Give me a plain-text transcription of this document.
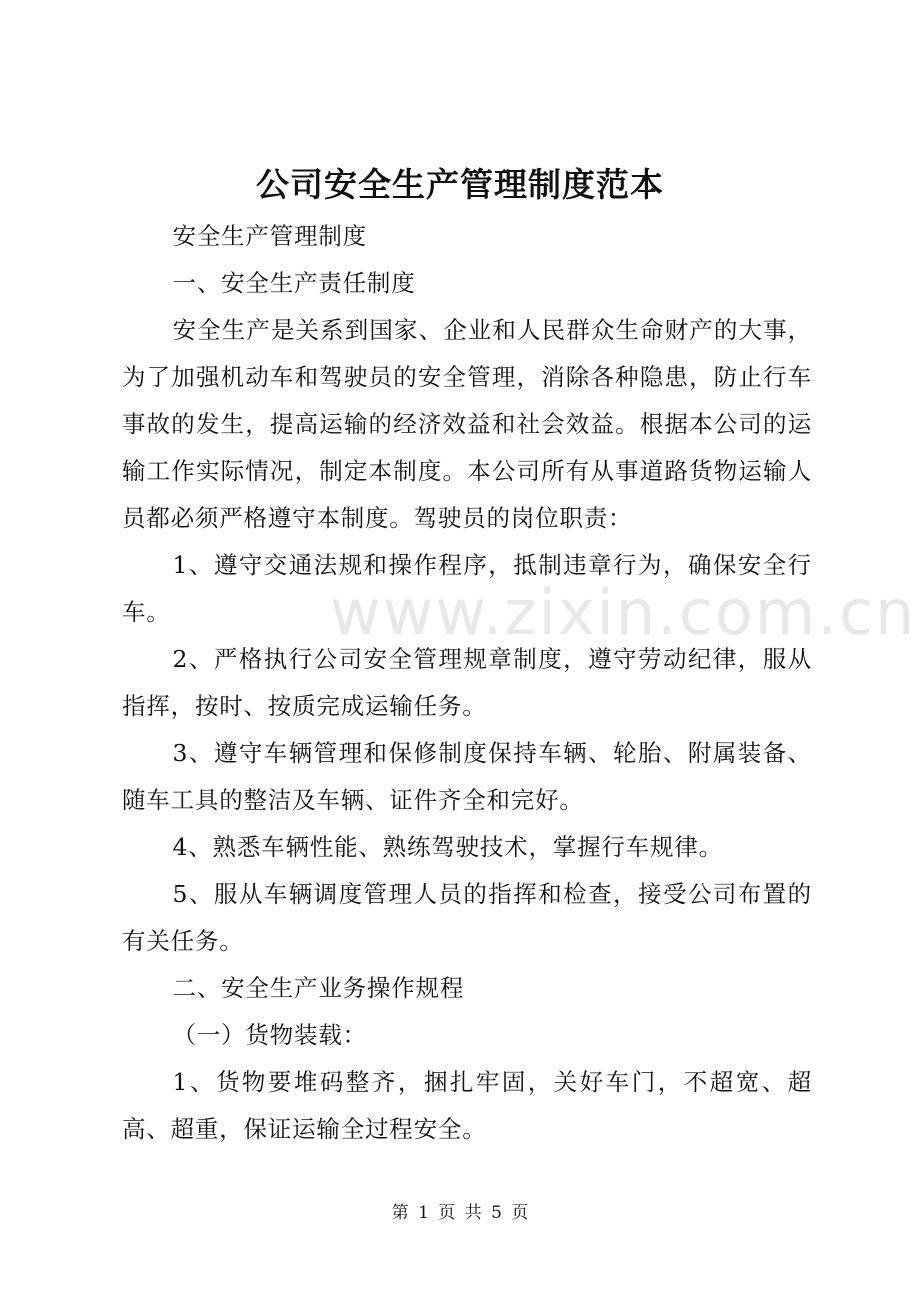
www.zixin.com.cn
公司安全生产管理制度范本

安全生产管理制度

一、安全生产责任制度

安全生产是关系到国家、企业和人民群众生命财产的大事，为了加强机动车和驾驶员的安全管理，消除各种隐患，防止行车事故的发生，提高运输的经济效益和社会效益。根据本公司的运输工作实际情况，制定本制度。本公司所有从事道路货物运输人员都必须严格遵守本制度。驾驶员的岗位职责：

1、遵守交通法规和操作程序，抵制违章行为，确保安全行车。

2、严格执行公司安全管理规章制度，遵守劳动纪律，服从指挥，按时、按质完成运输任务。

3、遵守车辆管理和保修制度保持车辆、轮胎、附属装备、随车工具的整洁及车辆、证件齐全和完好。

4、熟悉车辆性能、熟练驾驶技术，掌握行车规律。

5、服从车辆调度管理人员的指挥和检查，接受公司布置的有关任务。

二、安全生产业务操作规程

（一）货物装载：

1、货物要堆码整齐，捆扎牢固，关好车门，不超宽、超高、超重，保证运输全过程安全。

第 1 页 共 5 页
